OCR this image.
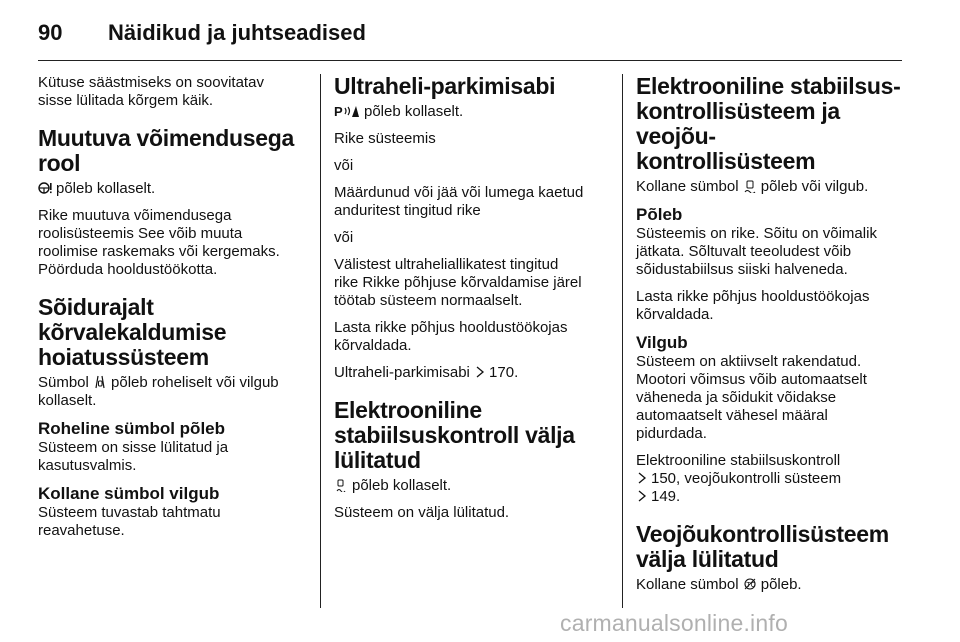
90	Näidikud ja juhtseadised

Kütuse säästmiseks on soovitatav
sisse lülitada kõrgem käik.

Muutuva võimendusega
rool

põleb kollaselt.

Rike muutuva võimendusega
roolisüsteemis See võib muuta
roolimise raskemaks või kergemaks.
Pöörduda hooldustöökotta.

Sõidurajalt
kõrvalekaldumise
hoiatussüsteem

Sümbol põleb roheliselt või vilgub
kollaselt.

Roheline sümbol põleb

Süsteem on sisse lülitatud ja
kasutusvalmis.

Kollane sümbol vilgub

Süsteem tuvastab tahtmatu
reavahetuse.

Ultraheli-parkimisabi

P põleb kollaselt.

Rike süsteemis

või

Määrdunud või jää või lumega kaetud
anduritest tingitud rike

või

Välistest ultraheliallikatest tingitud
rike Rikke põhjuse kõrvaldamise järel
töötab süsteem normaalselt.

Lasta rikke põhjus hooldustöökojas
kõrvaldada.

Ultraheli-parkimisabi 170.

Elektrooniline
stabiilsuskontroll välja
lülitatud

põleb kollaselt.

Süsteem on välja lülitatud.

Elektrooniline stabiilsus-
kontrollisüsteem ja veojõu-
kontrollisüsteem

Kollane sümbol põleb või vilgub.

Põleb

Süsteemis on rike. Sõitu on võimalik
jätkata. Sõltuvalt teeoludest võib
sõidustabiilsus siiski halveneda.

Lasta rikke põhjus hooldustöökojas
kõrvaldada.

Vilgub

Süsteem on aktiivselt rakendatud.
Mootori võimsus võib automaatselt
väheneda ja sõidukit võidakse
automaatselt vähesel määral
pidurdada.

Elektrooniline stabiilsuskontroll

150, veojõukontrolli süsteem

149.

Veojõukontrollisüsteem
välja lülitatud

Kollane sümbol TC põleb.

carmanualsonline.info
